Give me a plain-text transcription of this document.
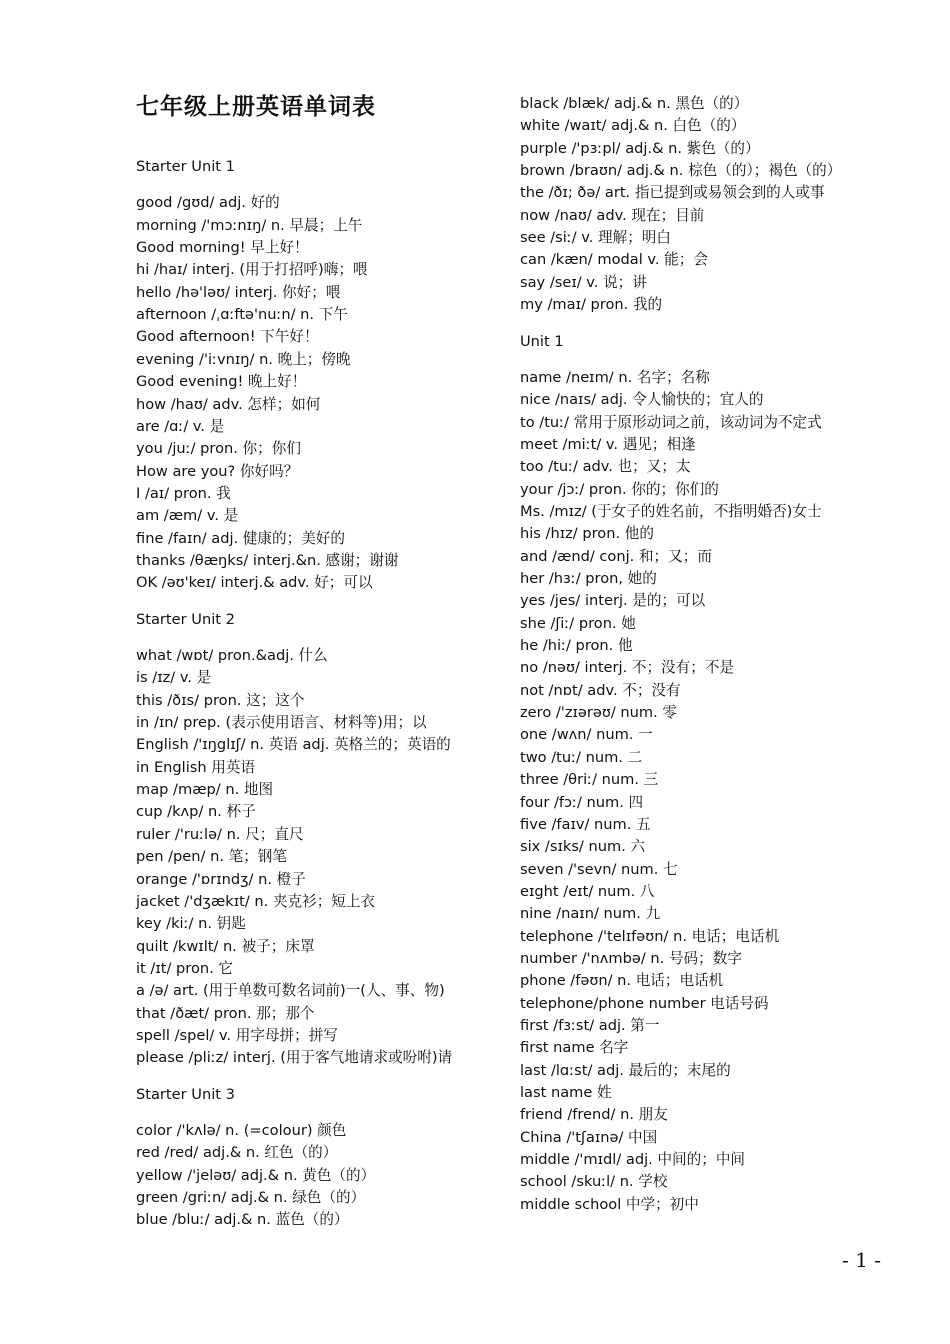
七年级上册英语单词表
Starter Unit 1
good /gʊd/ adj. 好的
morning /'mɔːnɪŋ/ n. 早晨；上午
Good morning! 早上好！
hi /haɪ/ interj. (用于打招呼)嗨；喂
hello /hə'ləʊ/ interj. 你好；喂
afternoon /ˌɑːftə'nuːn/ n. 下午
Good afternoon! 下午好！
evening /'iːvnɪŋ/ n. 晚上；傍晚
Good evening! 晚上好！
how /haʊ/ adv. 怎样；如何
are /ɑː/ v. 是
you /juː/ pron. 你；你们
How are you? 你好吗？
I /aɪ/ pron. 我
am /æm/ v. 是
fine /faɪn/ adj. 健康的；美好的
thanks /θæŋks/ interj.&n. 感谢；谢谢
OK /əʊ'keɪ/ interj.& adv. 好；可以
Starter Unit 2
what /wɒt/ pron.&adj. 什么
is /ɪz/ v. 是
this /ðɪs/ pron. 这；这个
in /ɪn/ prep. (表示使用语言、材料等)用；以
English /'ɪŋglɪʃ/ n. 英语 adj. 英格兰的；英语的
in English 用英语
map /mæp/ n. 地图
cup /kʌp/ n. 杯子
ruler /'ruːlə/ n. 尺；直尺
pen /pen/ n. 笔；钢笔
orange /'ɒrɪndʒ/ n. 橙子
jacket /'dʒækɪt/ n. 夹克衫；短上衣
key /kiː/ n. 钥匙
quilt /kwɪlt/ n. 被子；床罩
it /ɪt/ pron. 它
a /ə/ art. (用于单数可数名词前)一(人、事、物)
that /ðæt/ pron. 那；那个
spell /spel/ v. 用字母拼；拼写
please /pliːz/ interj. (用于客气地请求或吩咐)请
Starter Unit 3
color /'kʌlə/ n. (=colour) 颜色
red /red/ adj.& n. 红色（的）
yellow /'jeləʊ/ adj.& n. 黄色（的）
green /griːn/ adj.& n. 绿色（的）
blue /bluː/ adj.& n. 蓝色（的）
black /blæk/ adj.& n. 黑色（的）
white /waɪt/ adj.& n. 白色（的）
purple /'pɜːpl/ adj.& n. 紫色（的）
brown /braʊn/ adj.& n. 棕色（的）；褐色（的）
the /ðɪ; ðə/ art. 指已提到或易领会到的人或事
now /naʊ/ adv. 现在；目前
see /siː/ v. 理解；明白
can /kæn/ modal v. 能；会
say /seɪ/ v. 说；讲
my /maɪ/ pron. 我的
Unit 1
name /neɪm/ n. 名字；名称
nice /naɪs/ adj. 令人愉快的；宜人的
to /tuː/ 常用于原形动词之前，该动词为不定式
meet /miːt/ v. 遇见；相逢
too /tuː/ adv. 也；又；太
your /jɔː/ pron. 你的；你们的
Ms. /mɪz/ (于女子的姓名前，不指明婚否)女士
his /hɪz/ pron. 他的
and /ænd/ conj. 和；又；而
her /hɜː/ pron, 她的
yes /jes/ interj. 是的；可以
she /ʃiː/ pron. 她
he /hiː/ pron. 他
no /nəʊ/ interj. 不；没有；不是
not /nɒt/ adv. 不；没有
zero /'zɪərəʊ/ num. 零
one /wʌn/ num. 一
two /tuː/ num. 二
three /θriː/ num. 三
four /fɔː/ num. 四
five /faɪv/ num. 五
six /sɪks/ num. 六
seven /'sevn/ num. 七
eɪght /eɪt/ num. 八
nine /naɪn/ num. 九
telephone /'telɪfəʊn/ n. 电话；电话机
number /'nʌmbə/ n. 号码；数字
phone /fəʊn/ n. 电话；电话机
telephone/phone number 电话号码
first /fɜːst/ adj. 第一
first name 名字
last /lɑːst/ adj. 最后的；末尾的
last name 姓
friend /frend/ n. 朋友
China /'tʃaɪnə/ 中国
middle /'mɪdl/ adj. 中间的；中间
school /skuːl/ n. 学校
middle school 中学；初中
- 1 -
